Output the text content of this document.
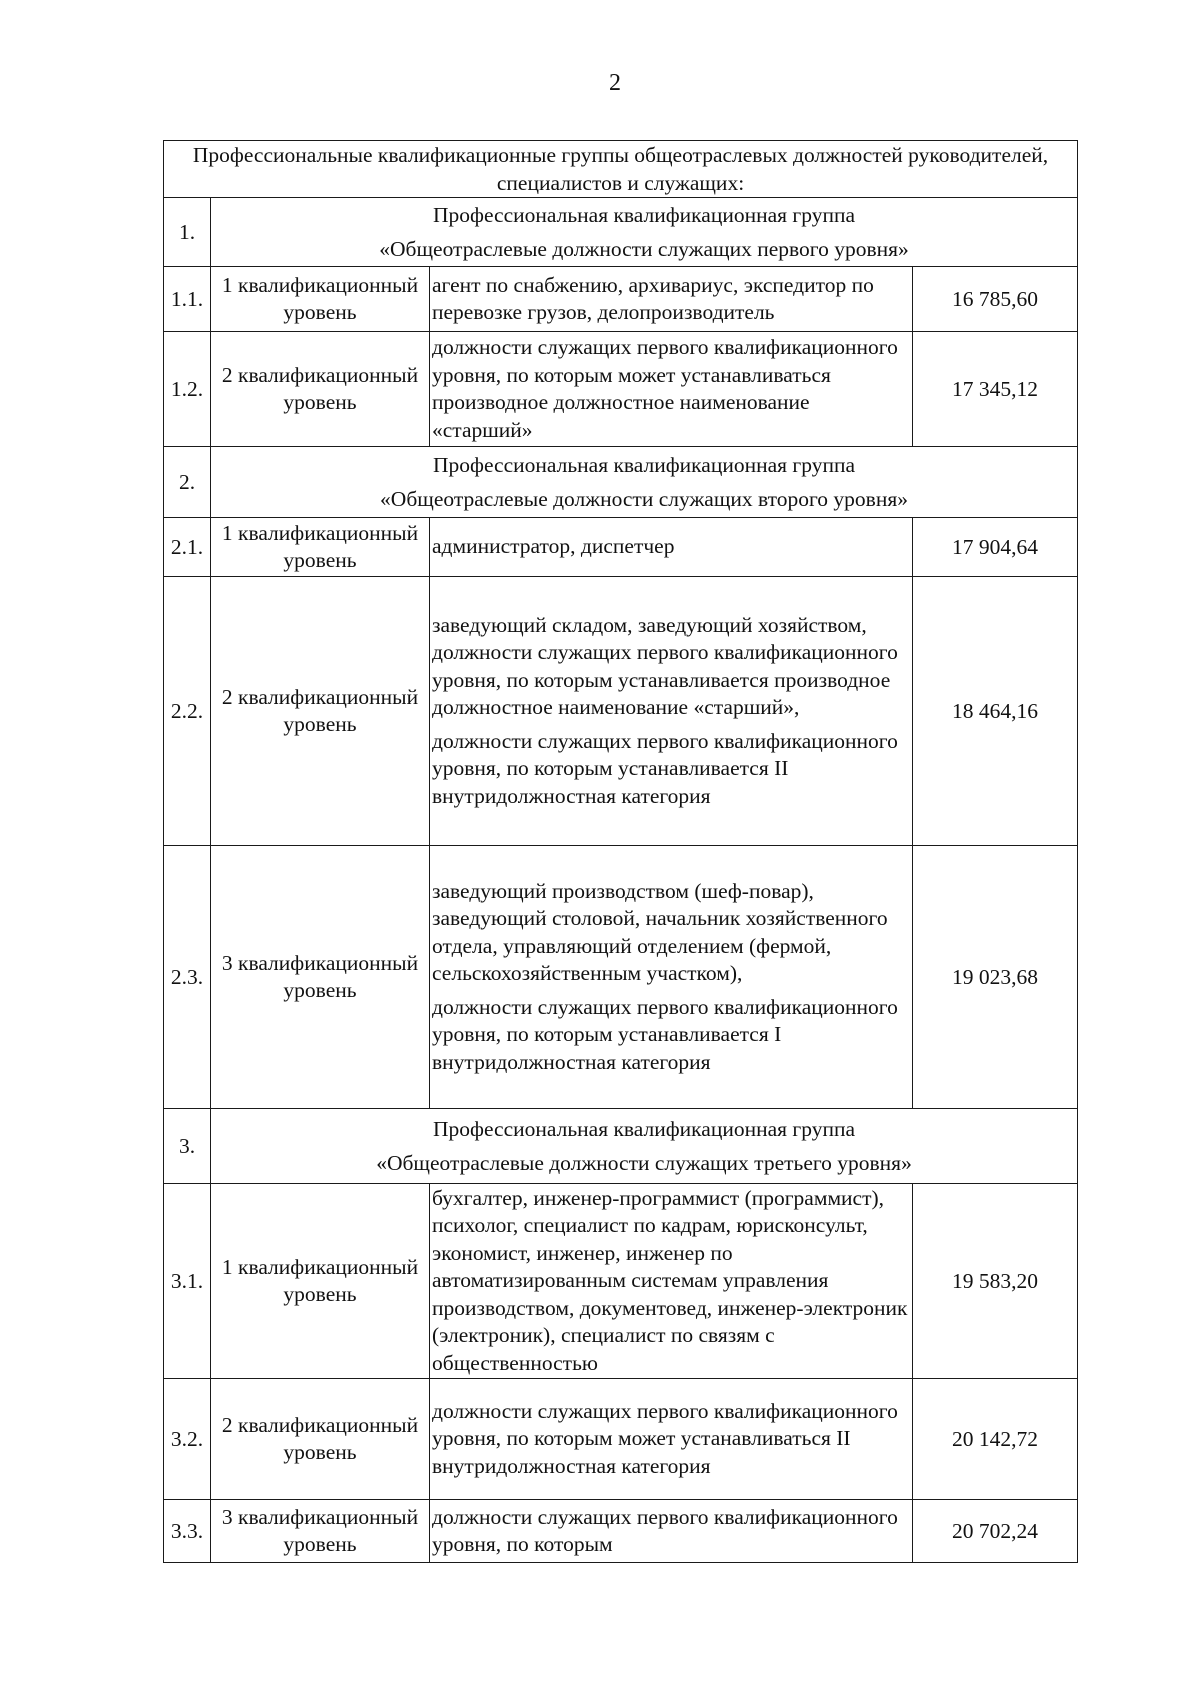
2
Профессиональные квалификационные группы общеотраслевых должностей руководителей, специалистов и служащих:			
1.	Профессиональная квалификационная группа
«Общеотраслевые должности служащих первого уровня»		

1.1.	1 квалификационный уровень	агент по снабжению, архивариус, экспедитор по перевозке грузов, делопроизводитель	16 785,60
1.2.	2 квалификационный уровень	должности служащих первого квалификационного уровня, по которым может устанавливаться производное должностное наименование «старший»	17 345,12
2.	Профессиональная квалификационная группа
«Общеотраслевые должности служащих второго уровня»		

2.1.	1 квалификационный уровень	администратор, диспетчер	17 904,64
2.2.	2 квалификационный уровень	заведующий складом, заведующий хозяйством, должности служащих первого квалификационного уровня, по которым устанавливается производное должностное наименование «старший»,
должности служащих первого квалификационного уровня, по которым устанавливается II внутридолжностная категория	18 464,16
2.3.	3 квалификационный уровень	заведующий производством (шеф-повар), заведующий столовой, начальник хозяйственного отдела, управляющий отделением (фермой, сельскохозяйственным участком),
должности служащих первого квалификационного уровня, по которым устанавливается I внутридолжностная категория	19 023,68
3.	Профессиональная квалификационная группа
«Общеотраслевые должности служащих третьего уровня»		

3.1.	1 квалификационный уровень	бухгалтер, инженер-программист (программист), психолог, специалист по кадрам, юрисконсульт, экономист, инженер, инженер по автоматизированным системам управления производством, документовед, инженер-электроник (электроник), специалист по связям с общественностью	19 583,20
3.2.	2 квалификационный уровень	должности служащих первого квалификационного уровня, по которым может устанавливаться II внутридолжностная категория	20 142,72
3.3.	3 квалификационный уровень	должности служащих первого квалификационного уровня, по которым	20 702,24
